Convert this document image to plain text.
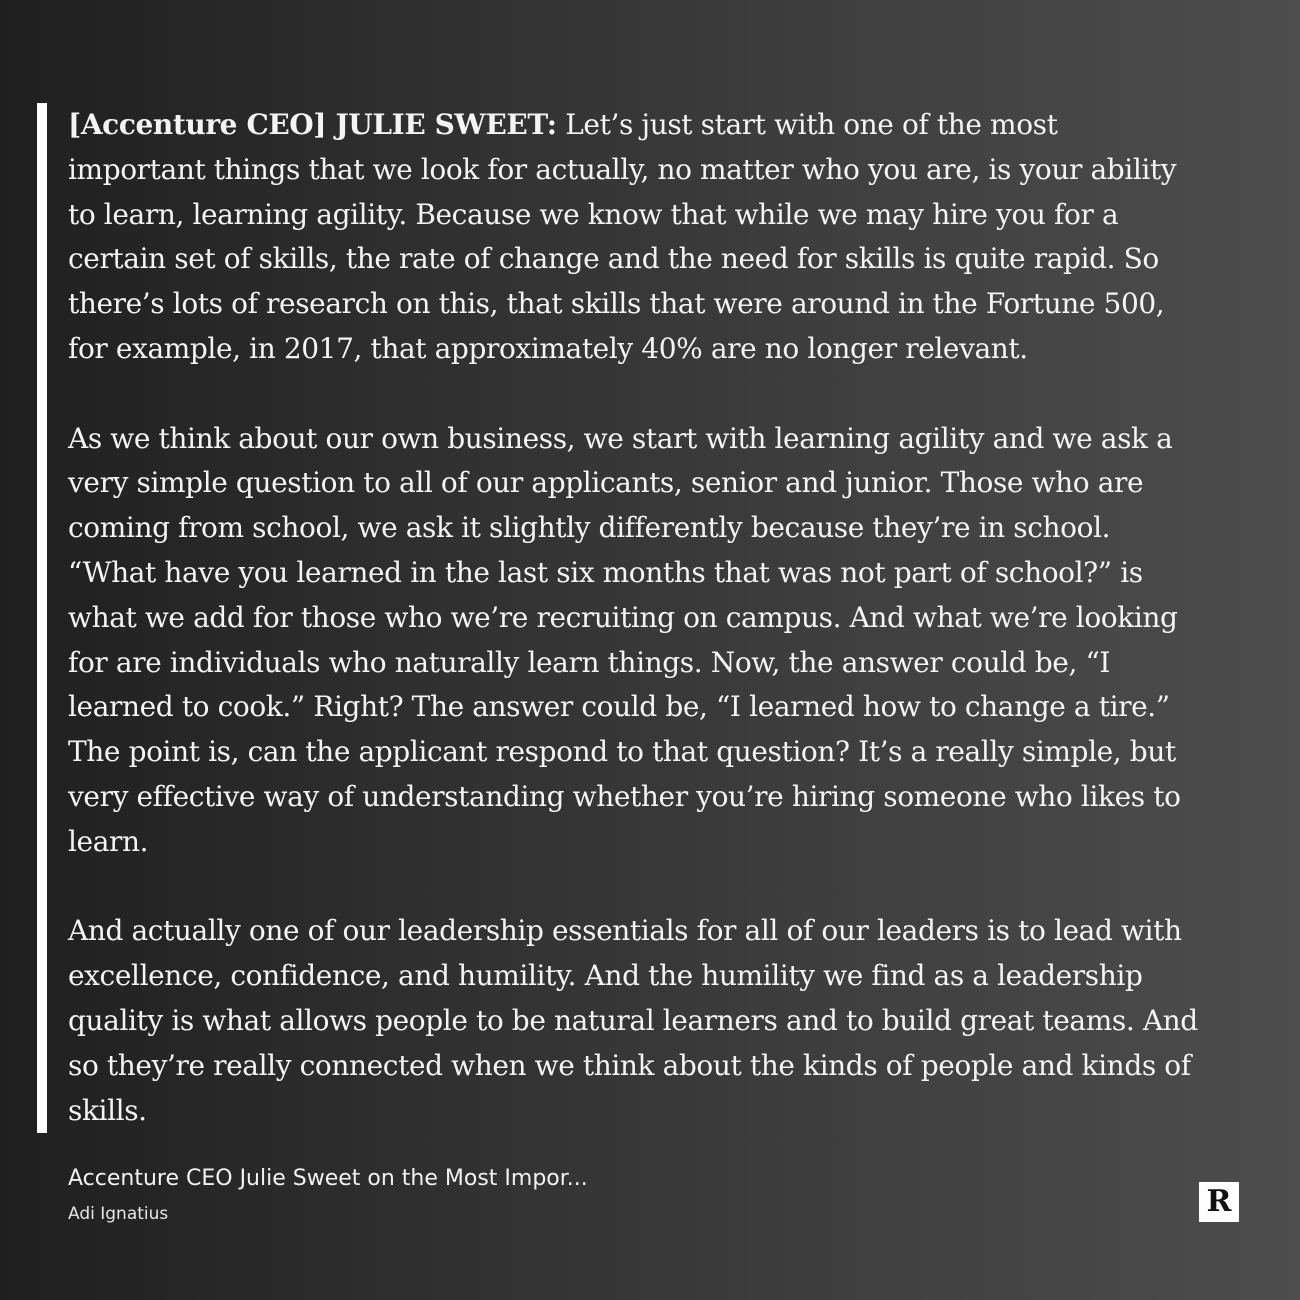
[Accenture CEO] JULIE SWEET: Let’s just start with one of the most important things that we look for actually, no matter who you are, is your ability to learn, learning agility. Because we know that while we may hire you for a certain set of skills, the rate of change and the need for skills is quite rapid. So there’s lots of research on this, that skills that were around in the Fortune 500, for example, in 2017, that approximately 40% are no longer relevant.

As we think about our own business, we start with learning agility and we ask a very simple question to all of our applicants, senior and junior. Those who are coming from school, we ask it slightly differently because they’re in school. “What have you learned in the last six months that was not part of school?” is what we add for those who we’re recruiting on campus. And what we’re looking for are individuals who naturally learn things. Now, the answer could be, “I learned to cook.” Right? The answer could be, “I learned how to change a tire.” The point is, can the applicant respond to that question? It’s a really simple, but very effective way of understanding whether you’re hiring someone who likes to learn.

And actually one of our leadership essentials for all of our leaders is to lead with excellence, confidence, and humility. And the humility we find as a leadership quality is what allows people to be natural learners and to build great teams. And so they’re really connected when we think about the kinds of people and kinds of skills.

Accenture CEO Julie Sweet on the Most Impor...
Adi Ignatius	R
